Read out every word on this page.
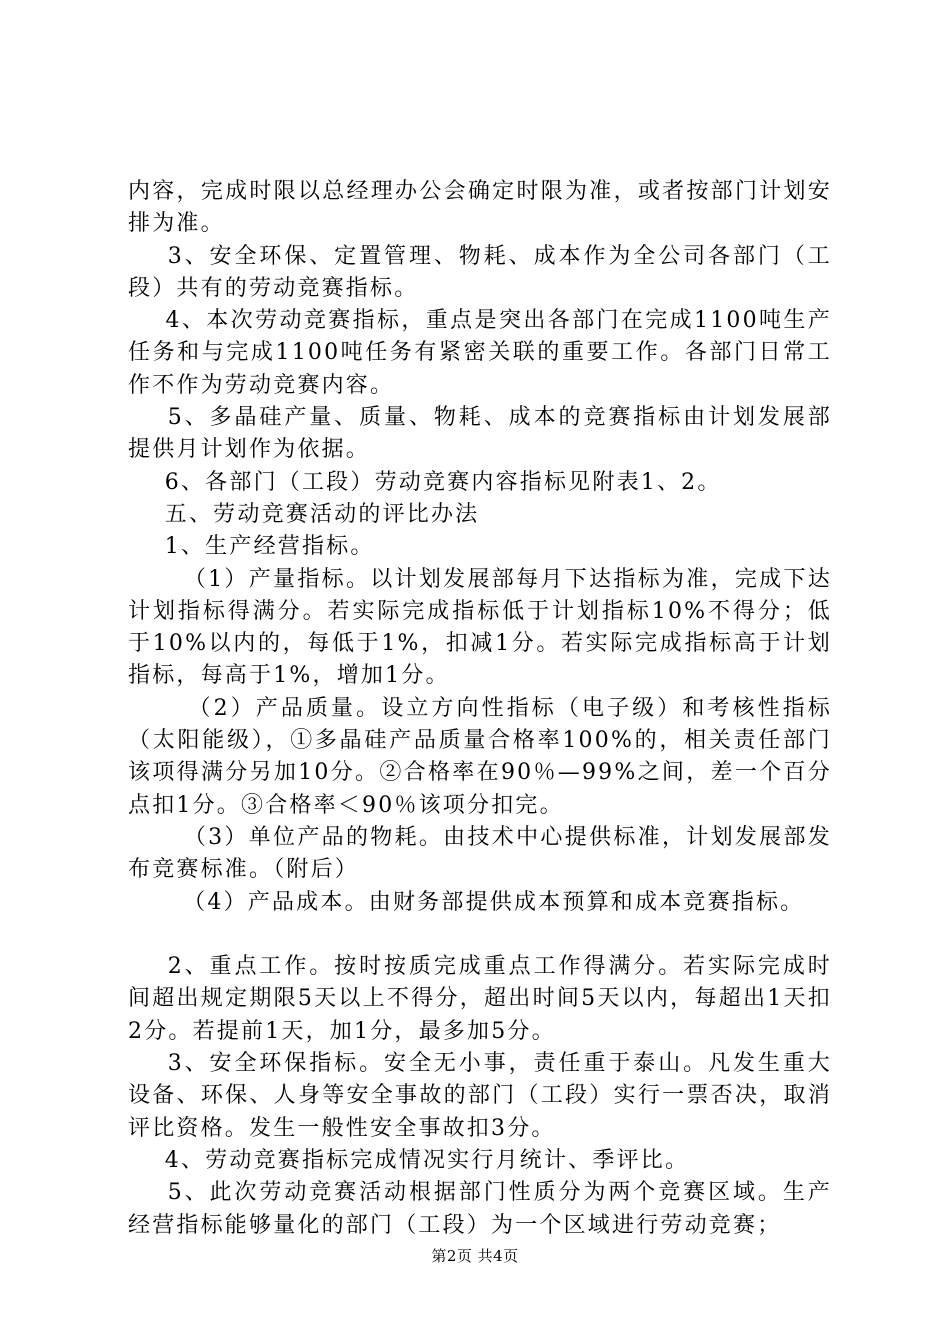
内容，完成时限以总经理办公会确定时限为准，或者按部门计划安排为准。

3、安全环保、定置管理、物耗、成本作为全公司各部门（工段）共有的劳动竞赛指标。

4、本次劳动竞赛指标，重点是突出各部门在完成1100吨生产任务和与完成1100吨任务有紧密关联的重要工作。各部门日常工作不作为劳动竞赛内容。

5、多晶硅产量、质量、物耗、成本的竞赛指标由计划发展部提供月计划作为依据。

6、各部门（工段）劳动竞赛内容指标见附表1、2。

五、劳动竞赛活动的评比办法

1、生产经营指标。

（1）产量指标。以计划发展部每月下达指标为准，完成下达计划指标得满分。若实际完成指标低于计划指标10%不得分；低于10%以内的，每低于1%，扣减1分。若实际完成指标高于计划指标，每高于1%，增加1分。

（2）产品质量。设立方向性指标（电子级）和考核性指标（太阳能级），①多晶硅产品质量合格率100%的，相关责任部门该项得满分另加10分。②合格率在90％—99%之间，差一个百分点扣1分。③合格率＜90％该项分扣完。

（3）单位产品的物耗。由技术中心提供标准，计划发展部发布竞赛标准。（附后）

（4）产品成本。由财务部提供成本预算和成本竞赛指标。

2、重点工作。按时按质完成重点工作得满分。若实际完成时间超出规定期限5天以上不得分，超出时间5天以内，每超出1天扣2分。若提前1天，加1分，最多加5分。

3、安全环保指标。安全无小事，责任重于泰山。凡发生重大设备、环保、人身等安全事故的部门（工段）实行一票否决，取消评比资格。发生一般性安全事故扣3分。

4、劳动竞赛指标完成情况实行月统计、季评比。

5、此次劳动竞赛活动根据部门性质分为两个竞赛区域。生产经营指标能够量化的部门（工段）为一个区域进行劳动竞赛；

第2页 共4页
